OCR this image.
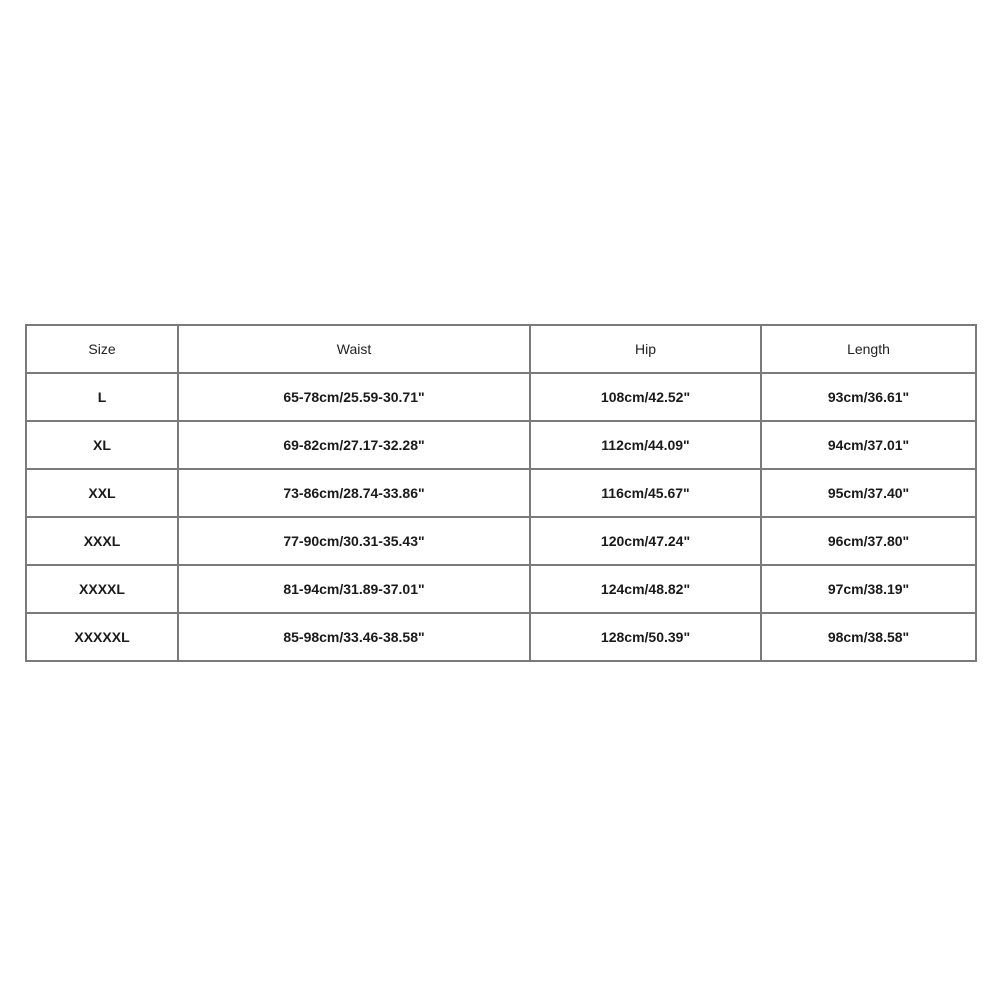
Size	Waist	Hip	Length
L	65-78cm/25.59-30.71"	108cm/42.52"	93cm/36.61"
XL	69-82cm/27.17-32.28"	112cm/44.09"	94cm/37.01"
XXL	73-86cm/28.74-33.86"	116cm/45.67"	95cm/37.40"
XXXL	77-90cm/30.31-35.43"	120cm/47.24"	96cm/37.80"
XXXXL	81-94cm/31.89-37.01"	124cm/48.82"	97cm/38.19"
XXXXXL	85-98cm/33.46-38.58"	128cm/50.39"	98cm/38.58"
